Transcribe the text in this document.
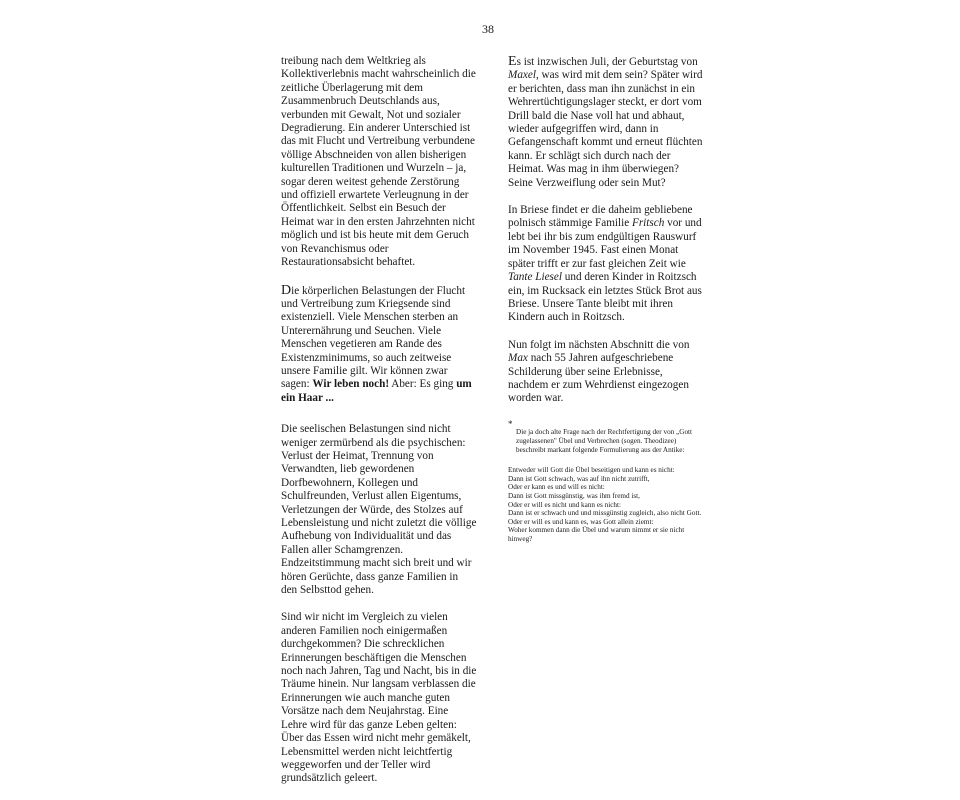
38

treibung nach dem Weltkrieg als Kollektiverlebnis macht wahrscheinlich die zeitliche Überlagerung mit dem Zusammenbruch Deutschlands aus, verbunden mit Gewalt, Not und sozialer Degradierung. Ein anderer Unterschied ist das mit Flucht und Vertreibung verbundene völlige Abschneiden von allen bisherigen kulturellen Traditionen und Wurzeln – ja, sogar deren weitest gehende Zerstörung und offiziell erwartete Verleugnung in der Öffentlichkeit. Selbst ein Besuch der Heimat war in den ersten Jahrzehnten nicht möglich und ist bis heute mit dem Geruch von Revanchismus oder Restaurationsabsicht behaftet.

Die körperlichen Belastungen der Flucht und Vertreibung zum Kriegsende sind existenziell. Viele Menschen sterben an Unterernährung und Seuchen. Viele Menschen vegetieren am Rande des Existenzminimums, so auch zeitweise unsere Familie gilt. Wir können zwar sagen: Wir leben noch! Aber: Es ging um ein Haar ...

Die seelischen Belastungen sind nicht weniger zermürbend als die psychischen: Verlust der Heimat, Trennung von Verwandten, lieb gewordenen Dorfbewohnern, Kollegen und Schulfreunden, Verlust allen Eigentums, Verletzungen der Würde, des Stolzes auf Lebensleistung und nicht zuletzt die völlige Aufhebung von Individualität und das Fallen aller Schamgrenzen. Endzeitstimmung macht sich breit und wir hören Gerüchte, dass ganze Familien in den Selbsttod gehen.

Sind wir nicht im Vergleich zu vielen anderen Familien noch einigermaßen durchgekommen? Die schrecklichen Erinnerungen beschäftigen die Menschen noch nach Jahren, Tag und Nacht, bis in die Träume hinein. Nur langsam verblassen die Erinnerungen wie auch manche guten Vorsätze nach dem Neujahrstag. Eine Lehre wird für das ganze Leben gelten: Über das Essen wird nicht mehr gemäkelt, Lebensmittel werden nicht leichtfertig weggeworfen und der Teller wird grundsätzlich geleert.

Es ist inzwischen Juli, der Geburtstag von Maxel, was wird mit dem sein? Später wird er berichten, dass man ihn zunächst in ein Wehrertüchtigungslager steckt, er dort vom Drill bald die Nase voll hat und abhaut, wieder aufgegriffen wird, dann in Gefangenschaft kommt und erneut flüchten kann. Er schlägt sich durch nach der Heimat. Was mag in ihm überwiegen? Seine Verzweiflung oder sein Mut?

In Briese findet er die daheim gebliebene polnisch stämmige Familie Fritsch vor und lebt bei ihr bis zum endgültigen Rauswurf im November 1945. Fast einen Monat später trifft er zur fast gleichen Zeit wie Tante Liesel und deren Kinder in Roitzsch ein, im Rucksack ein letztes Stück Brot aus Briese. Unsere Tante bleibt mit ihren Kindern auch in Roitzsch.

Nun folgt im nächsten Abschnitt die von Max nach 55 Jahren aufgeschriebene Schilderung über seine Erlebnisse, nachdem er zum Wehrdienst eingezogen worden war.

*

Die ja doch alte Frage nach der Rechtfertigung der von „Gott zugelassenen" Übel und Verbrechen (sogen. Theodizee) beschreibt markant folgende Formulierung aus der Antike:

Entweder will Gott die Übel beseitigen und kann es nicht:
Dann ist Gott schwach, was auf ihn nicht zutrifft,
Oder er kann es und will es nicht:
Dann ist Gott missgünstig, was ihm fremd ist,
Oder er will es nicht und kann es nicht:
Dann ist er schwach und und missgünstig zugleich, also nicht Gott.
Oder er will es und kann es, was Gott allein ziemt:
Woher kommen dann die Übel und warum nimmt er sie nicht hinweg?
